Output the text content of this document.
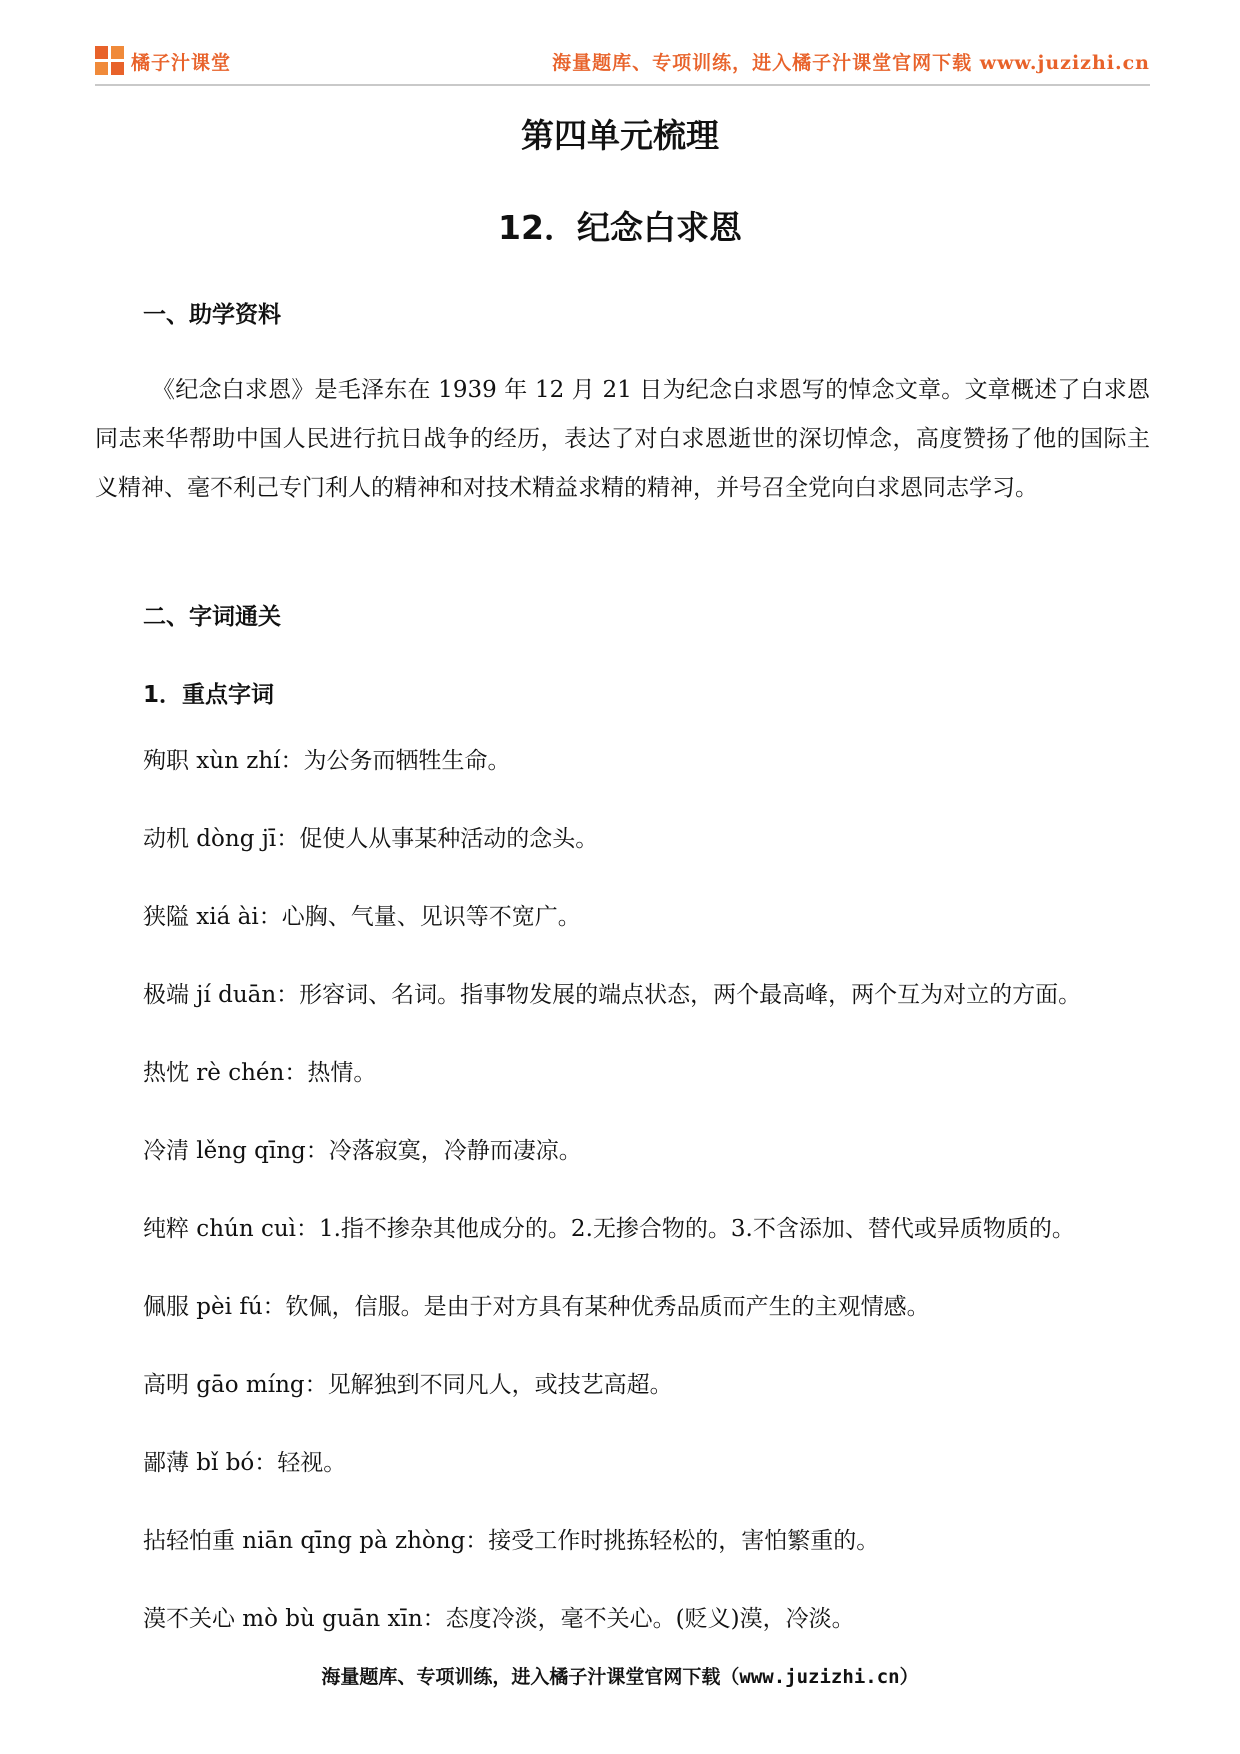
橘子汁课堂	海量题库、专项训练，进入橘子汁课堂官网下载 www.juzizhi.cn
第四单元梳理
12．纪念白求恩
一、助学资料

《纪念白求恩》是毛泽东在 1939 年 12 月 21 日为纪念白求恩写的悼念文章。文章概述了白求恩同志来华帮助中国人民进行抗日战争的经历，表达了对白求恩逝世的深切悼念，高度赞扬了他的国际主义精神、毫不利己专门利人的精神和对技术精益求精的精神，并号召全党向白求恩同志学习。

二、字词通关
1．重点字词
殉职 xùn zhí：为公务而牺牲生命。
动机 dòng jī：促使人从事某种活动的念头。
狭隘 xiá ài：心胸、气量、见识等不宽广。
极端 jí duān：形容词、名词。指事物发展的端点状态，两个最高峰，两个互为对立的方面。
热忱 rè chén：热情。
冷清 lěng qīng：冷落寂寞，冷静而凄凉。
纯粹 chún cuì：1.指不掺杂其他成分的。2.无掺合物的。3.不含添加、替代或异质物质的。
佩服 pèi fú：钦佩，信服。是由于对方具有某种优秀品质而产生的主观情感。
高明 gāo míng：见解独到不同凡人，或技艺高超。
鄙薄 bǐ bó：轻视。
拈轻怕重 niān qīng pà zhòng：接受工作时挑拣轻松的，害怕繁重的。
漠不关心 mò bù guān xīn：态度冷淡，毫不关心。(贬义)漠，冷淡。
海量题库、专项训练，进入橘子汁课堂官网下载（www.juzizhi.cn）
